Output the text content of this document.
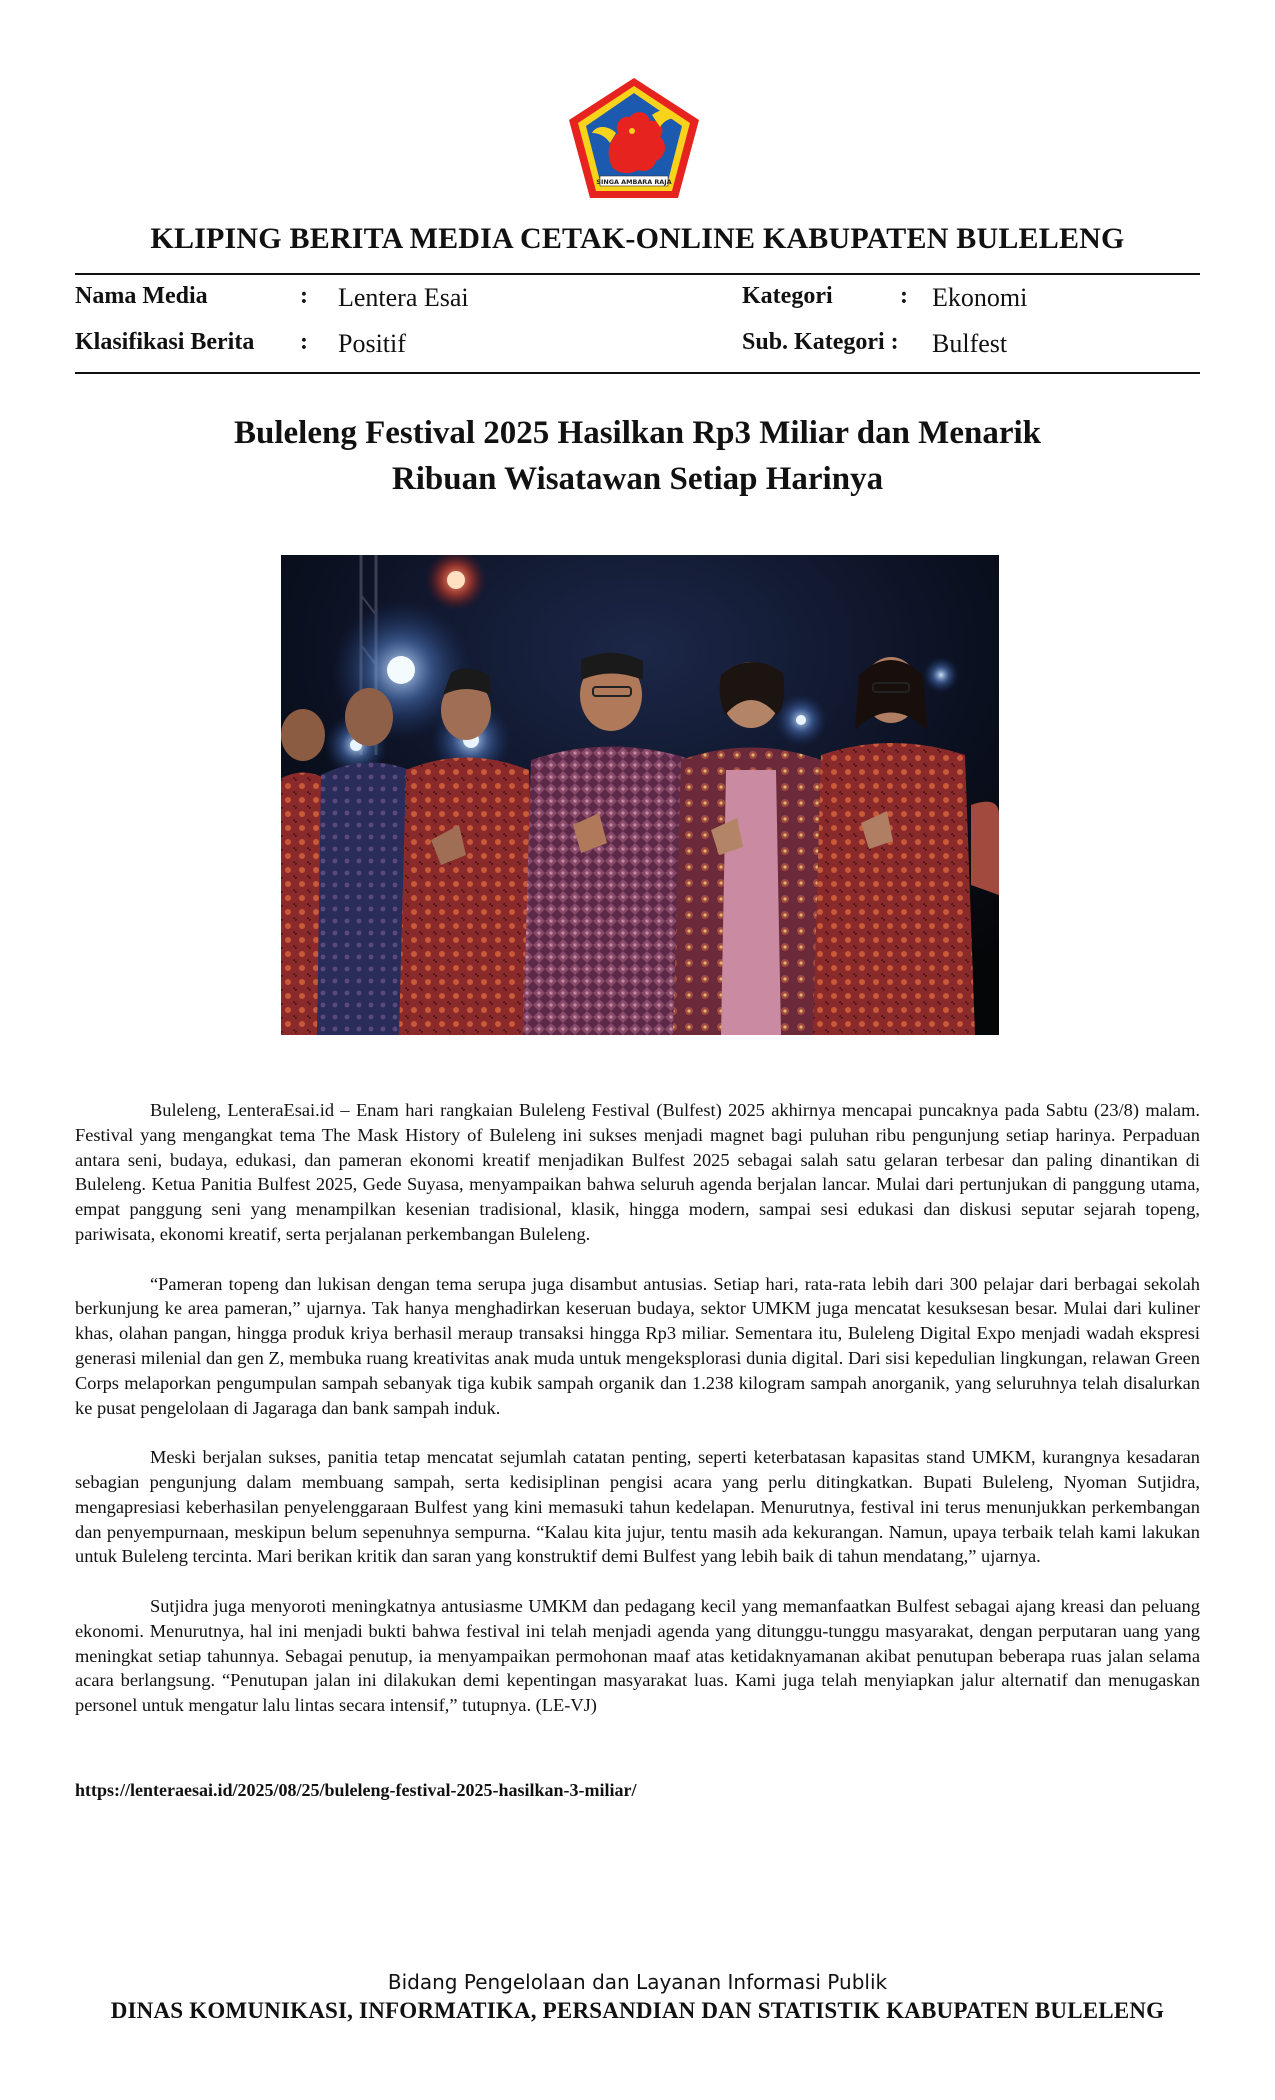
SINGA AMBARA RAJA
KLIPING BERITA MEDIA CETAK-ONLINE KABUPATEN BULELENG
Nama Media	: Lentera Esai	Kategori	: Ekonomi
Klasifikasi Berita : Positif	Sub. Kategori : Bulfest
Buleleng Festival 2025 Hasilkan Rp3 Miliar dan Menarik
Ribuan Wisatawan Setiap Harinya

Buleleng, LenteraEsai.id – Enam hari rangkaian Buleleng Festival (Bulfest) 2025 akhirnya mencapai puncaknya pada Sabtu (23/8) malam. Festival yang mengangkat tema The Mask History of Buleleng ini sukses menjadi magnet bagi puluhan ribu pengunjung setiap harinya. Perpaduan antara seni, budaya, edukasi, dan pameran ekonomi kreatif menjadikan Bulfest 2025 sebagai salah satu gelaran terbesar dan paling dinantikan di Buleleng. Ketua Panitia Bulfest 2025, Gede Suyasa, menyampaikan bahwa seluruh agenda berjalan lancar. Mulai dari pertunjukan di panggung utama, empat panggung seni yang menampilkan kesenian tradisional, klasik, hingga modern, sampai sesi edukasi dan diskusi seputar sejarah topeng, pariwisata, ekonomi kreatif, serta perjalanan perkembangan Buleleng.

“Pameran topeng dan lukisan dengan tema serupa juga disambut antusias. Setiap hari, rata-rata lebih dari 300 pelajar dari berbagai sekolah berkunjung ke area pameran,” ujarnya. Tak hanya menghadirkan keseruan budaya, sektor UMKM juga mencatat kesuksesan besar. Mulai dari kuliner khas, olahan pangan, hingga produk kriya berhasil meraup transaksi hingga Rp3 miliar. Sementara itu, Buleleng Digital Expo menjadi wadah ekspresi generasi milenial dan gen Z, membuka ruang kreativitas anak muda untuk mengeksplorasi dunia digital. Dari sisi kepedulian lingkungan, relawan Green Corps melaporkan pengumpulan sampah sebanyak tiga kubik sampah organik dan 1.238 kilogram sampah anorganik, yang seluruhnya telah disalurkan ke pusat pengelolaan di Jagaraga dan bank sampah induk.

Meski berjalan sukses, panitia tetap mencatat sejumlah catatan penting, seperti keterbatasan kapasitas stand UMKM, kurangnya kesadaran sebagian pengunjung dalam membuang sampah, serta kedisiplinan pengisi acara yang perlu ditingkatkan. Bupati Buleleng, Nyoman Sutjidra, mengapresiasi keberhasilan penyelenggaraan Bulfest yang kini memasuki tahun kedelapan. Menurutnya, festival ini terus menunjukkan perkembangan dan penyempurnaan, meskipun belum sepenuhnya sempurna. “Kalau kita jujur, tentu masih ada kekurangan. Namun, upaya terbaik telah kami lakukan untuk Buleleng tercinta. Mari berikan kritik dan saran yang konstruktif demi Bulfest yang lebih baik di tahun mendatang,” ujarnya.

Sutjidra juga menyoroti meningkatnya antusiasme UMKM dan pedagang kecil yang memanfaatkan Bulfest sebagai ajang kreasi dan peluang ekonomi. Menurutnya, hal ini menjadi bukti bahwa festival ini telah menjadi agenda yang ditunggu-tunggu masyarakat, dengan perputaran uang yang meningkat setiap tahunnya. Sebagai penutup, ia menyampaikan permohonan maaf atas ketidaknyamanan akibat penutupan beberapa ruas jalan selama acara berlangsung. “Penutupan jalan ini dilakukan demi kepentingan masyarakat luas. Kami juga telah menyiapkan jalur alternatif dan menugaskan personel untuk mengatur lalu lintas secara intensif,” tutupnya. (LE-VJ)

https://lenteraesai.id/2025/08/25/buleleng-festival-2025-hasilkan-3-miliar/
Bidang Pengelolaan dan Layanan Informasi Publik
DINAS KOMUNIKASI, INFORMATIKA, PERSANDIAN DAN STATISTIK KABUPATEN BULELENG
